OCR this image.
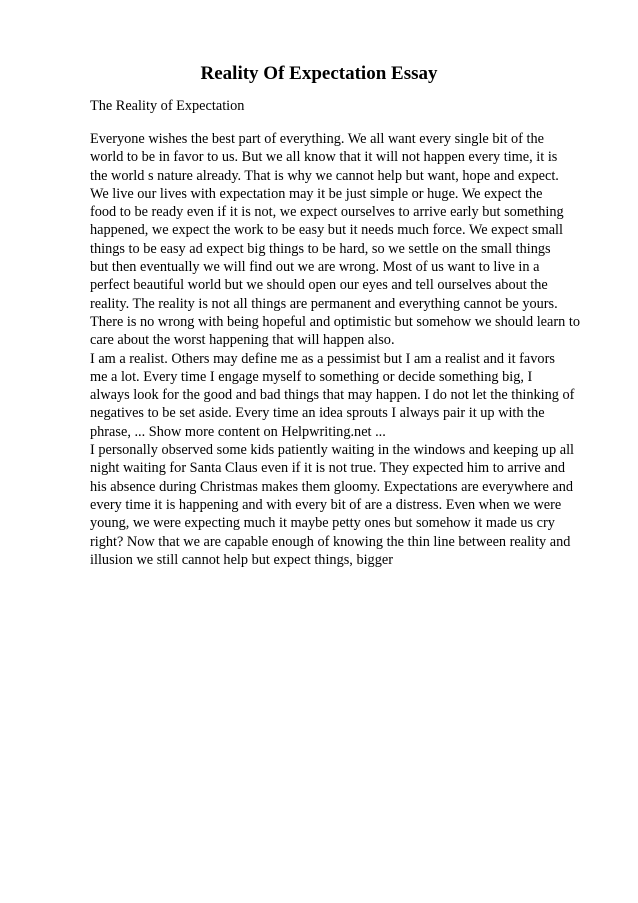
Reality Of Expectation Essay
The Reality of Expectation
Everyone wishes the best part of everything. We all want every single bit of the
world to be in favor to us. But we all know that it will not happen every time, it is
the world s nature already. That is why we cannot help but want, hope and expect.
We live our lives with expectation may it be just simple or huge. We expect the
food to be ready even if it is not, we expect ourselves to arrive early but something
happened, we expect the work to be easy but it needs much force. We expect small
things to be easy ad expect big things to be hard, so we settle on the small things
but then eventually we will find out we are wrong. Most of us want to live in a
perfect beautiful world but we should open our eyes and tell ourselves about the
reality. The reality is not all things are permanent and everything cannot be yours.
There is no wrong with being hopeful and optimistic but somehow we should learn to
care about the worst happening that will happen also.
I am a realist. Others may define me as a pessimist but I am a realist and it favors
me a lot. Every time I engage myself to something or decide something big, I
always look for the good and bad things that may happen. I do not let the thinking of
negatives to be set aside. Every time an idea sprouts I always pair it up with the
phrase, ... Show more content on Helpwriting.net ...
I personally observed some kids patiently waiting in the windows and keeping up all
night waiting for Santa Claus even if it is not true. They expected him to arrive and
his absence during Christmas makes them gloomy. Expectations are everywhere and
every time it is happening and with every bit of are a distress. Even when we were
young, we were expecting much it maybe petty ones but somehow it made us cry
right? Now that we are capable enough of knowing the thin line between reality and
illusion we still cannot help but expect things, bigger
